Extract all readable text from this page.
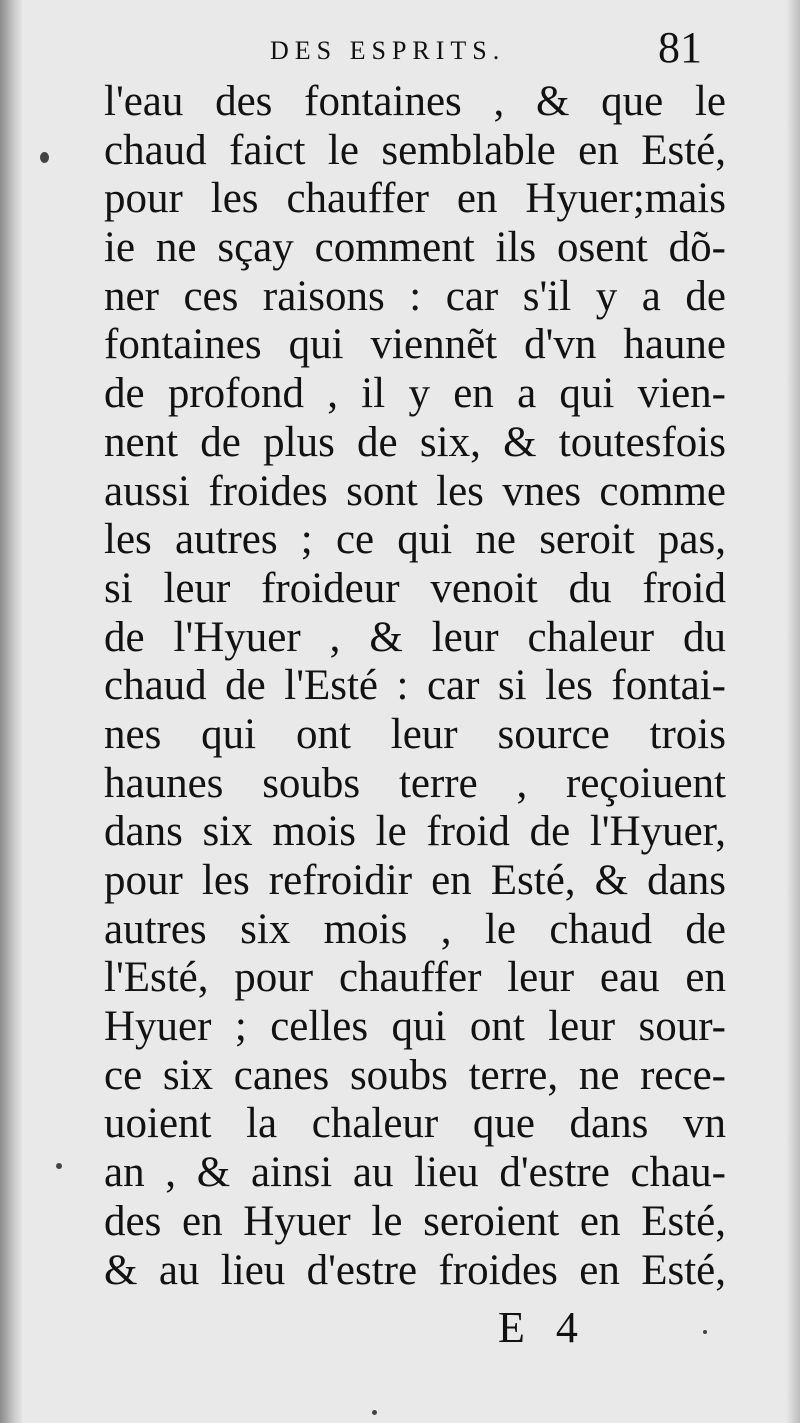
DES ESPRITS.	81
l'eau des fontaines , & que le
chaud faict le semblable en Esté,
pour les chauffer en Hyuer;mais
ie ne sçay comment ils osent dõ-
ner ces raisons : car s'il y a de
fontaines qui viennẽt d'vn haune
de profond , il y en a qui vien-
nent de plus de six, & toutesfois
aussi froides sont les vnes comme
les autres ; ce qui ne seroit pas,
si leur froideur venoit du froid
de l'Hyuer , & leur chaleur du
chaud de l'Esté : car si les fontai-
nes qui ont leur source trois
haunes soubs terre , reçoiuent
dans six mois le froid de l'Hyuer,
pour les refroidir en Esté, & dans
autres six mois , le chaud de
l'Esté, pour chauffer leur eau en
Hyuer ; celles qui ont leur sour-
ce six canes soubs terre, ne rece-
uoient la chaleur que dans vn
an , & ainsi au lieu d'estre chau-
des en Hyuer le seroient en Esté,
& au lieu d'estre froides en Esté,
E 4
